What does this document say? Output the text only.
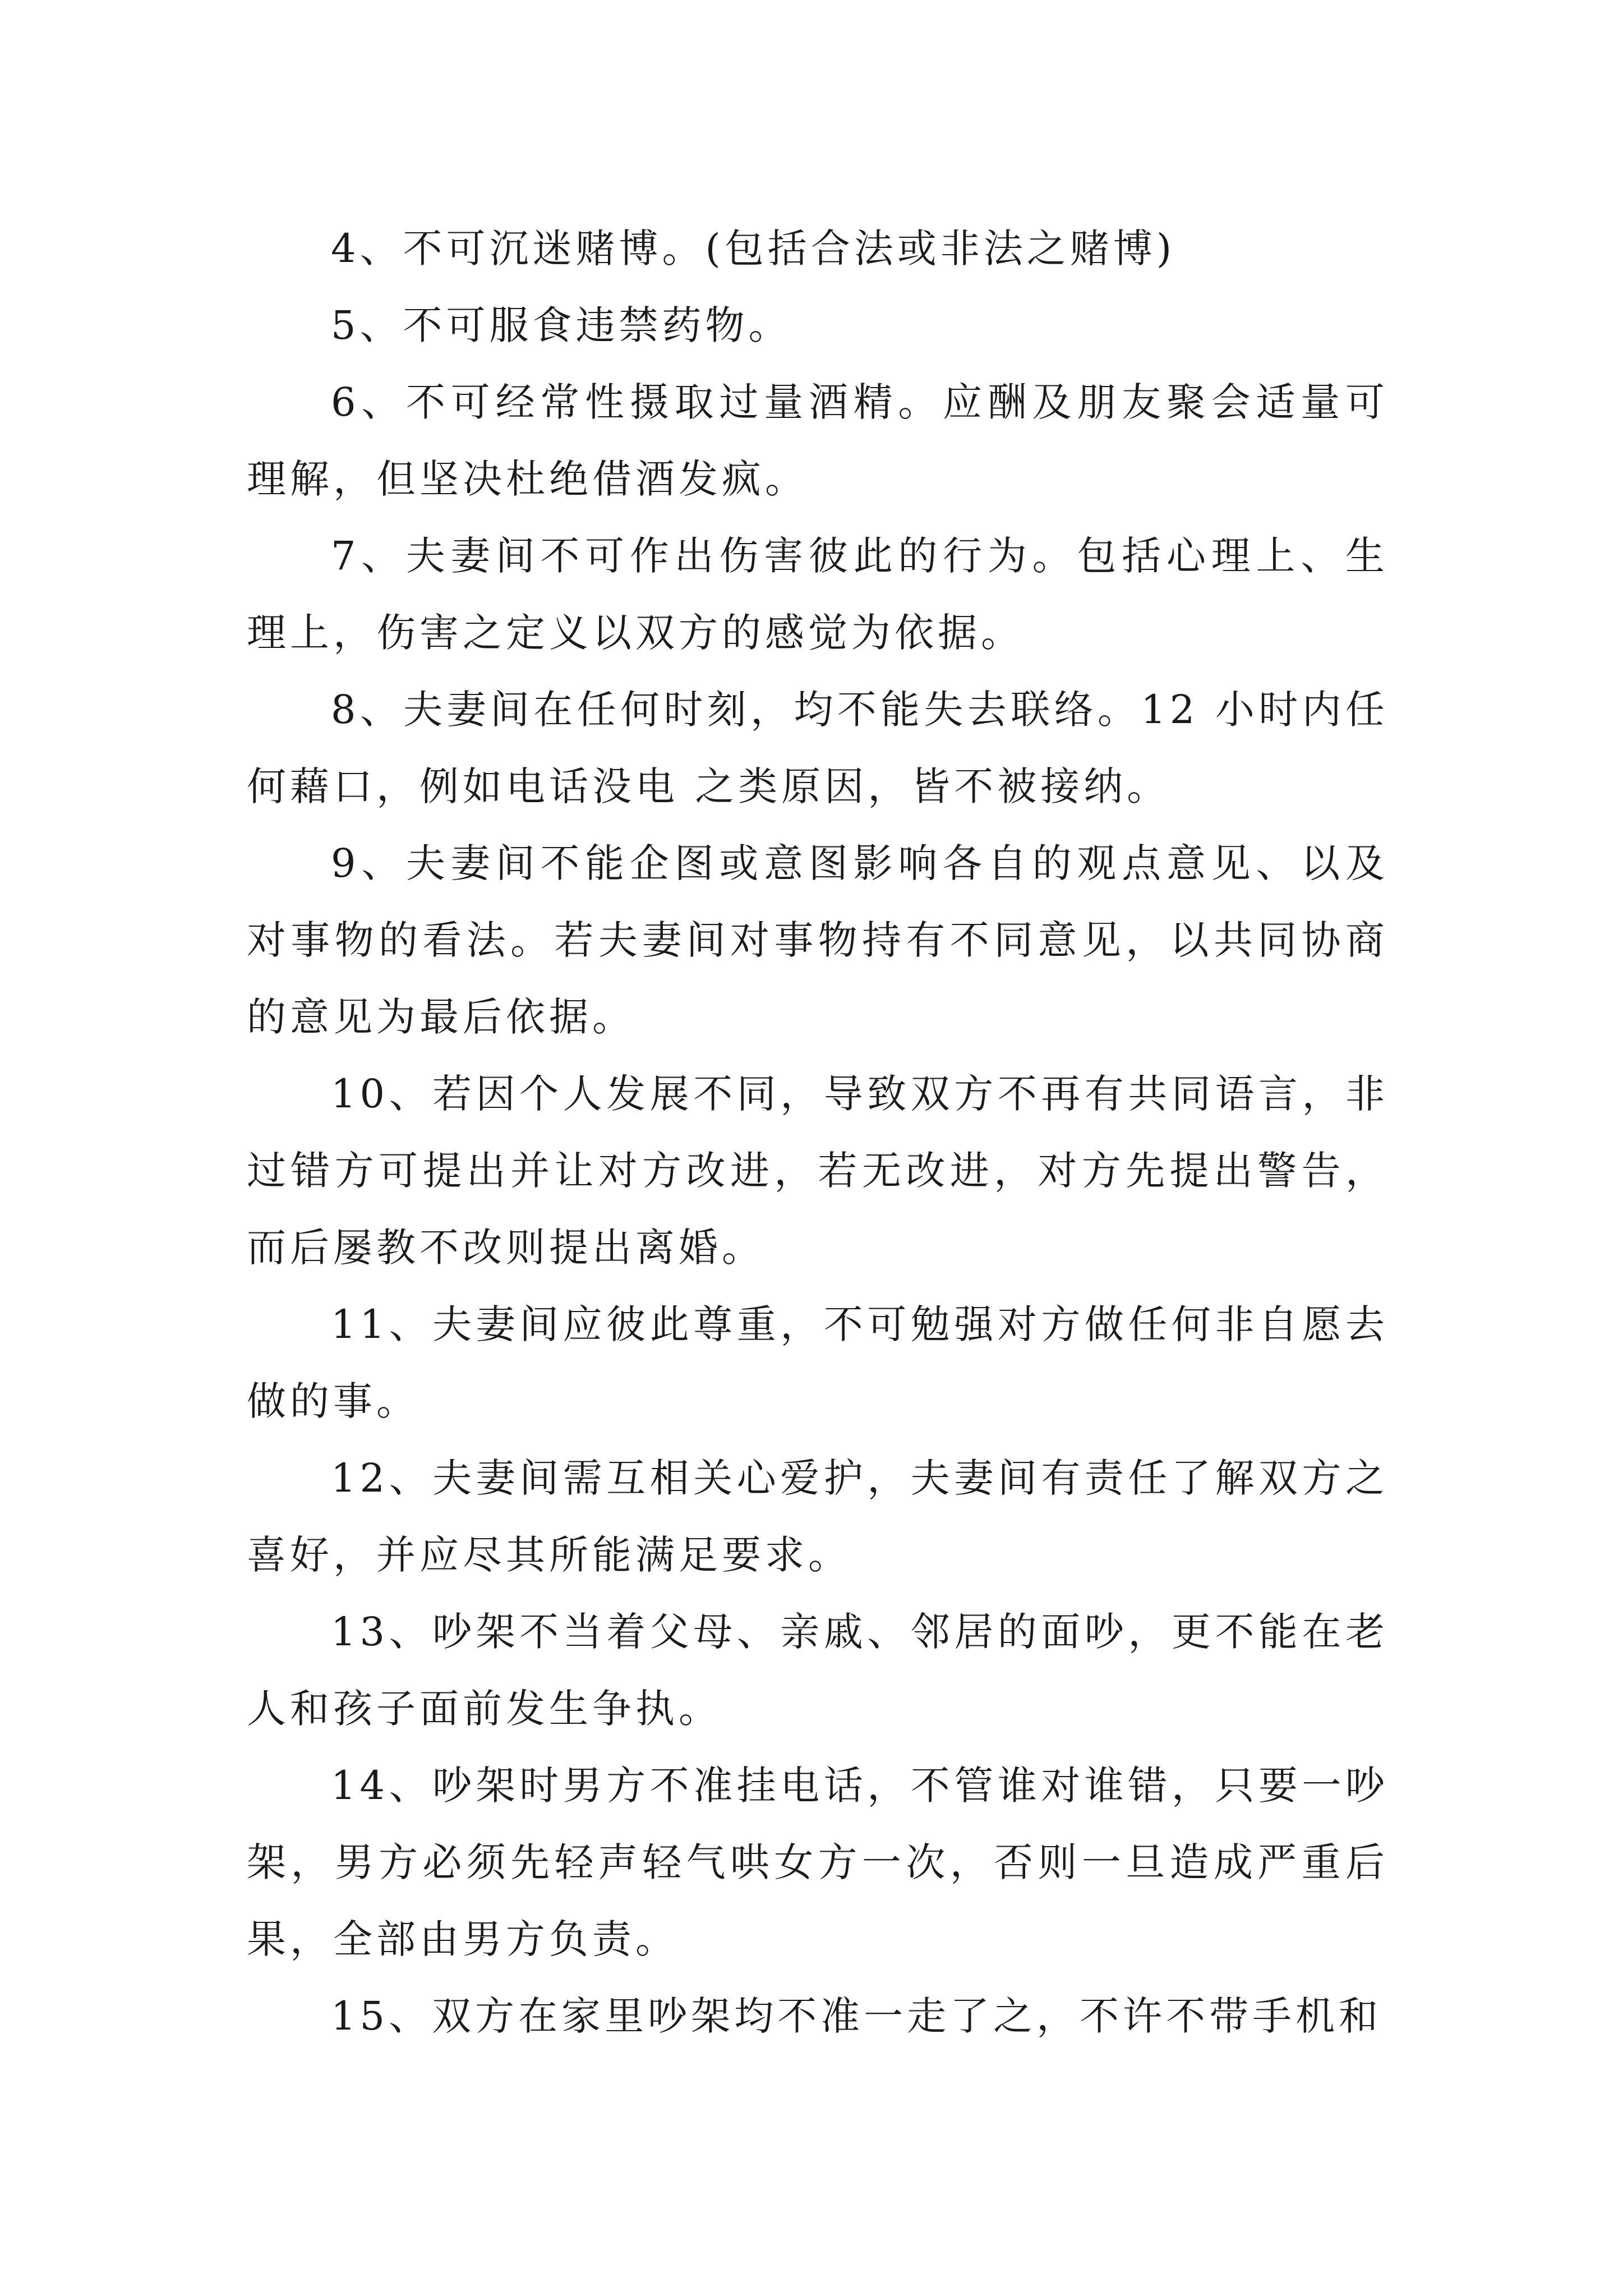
4、不可沉迷赌博。(包括合法或非法之赌博)

5、不可服食违禁药物。

6、不可经常性摄取过量酒精。应酬及朋友聚会适量可理解，但坚决杜绝借酒发疯。

7、夫妻间不可作出伤害彼此的行为。包括心理上、生理上，伤害之定义以双方的感觉为依据。

8、夫妻间在任何时刻，均不能失去联络。12 小时内任何藉口，例如电话没电 之类原因，皆不被接纳。

9、夫妻间不能企图或意图影响各自的观点意见、以及对事物的看法。若夫妻间对事物持有不同意见，以共同协商的意见为最后依据。

10、若因个人发展不同，导致双方不再有共同语言，非过错方可提出并让对方改进，若无改进，对方先提出警告，而后屡教不改则提出离婚。

11、夫妻间应彼此尊重，不可勉强对方做任何非自愿去做的事。

12、夫妻间需互相关心爱护，夫妻间有责任了解双方之喜好，并应尽其所能满足要求。

13、吵架不当着父母、亲戚、邻居的面吵，更不能在老人和孩子面前发生争执。

14、吵架时男方不准挂电话，不管谁对谁错，只要一吵架，男方必须先轻声轻气哄女方一次，否则一旦造成严重后果，全部由男方负责。

15、双方在家里吵架均不准一走了之，不许不带手机和
